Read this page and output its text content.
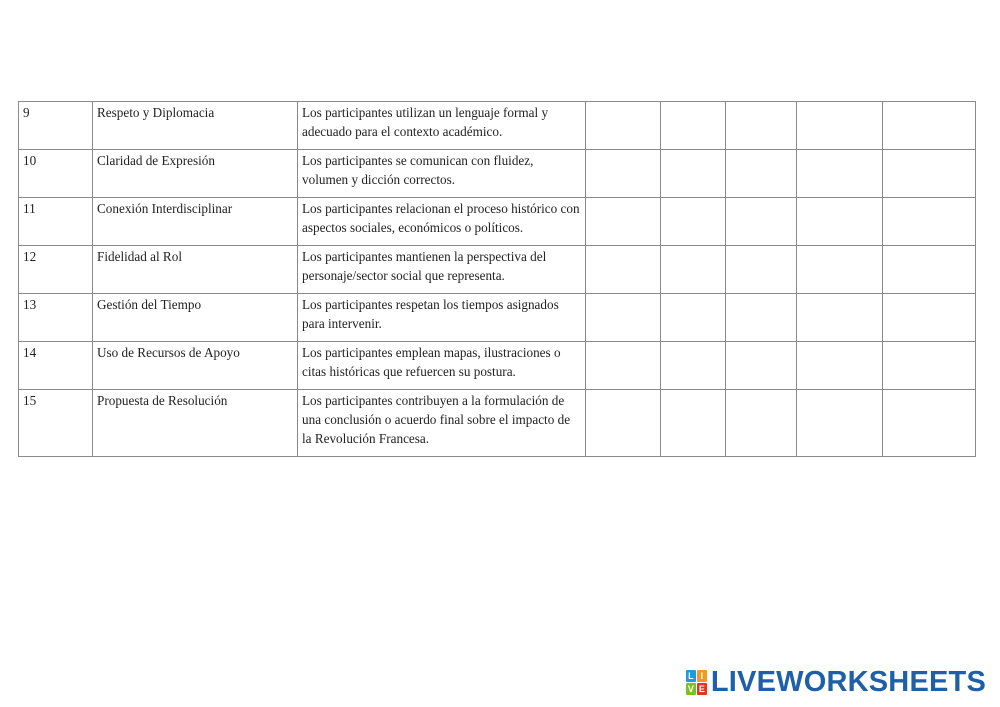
9	Respeto y Diplomacia	Los participantes utilizan un lenguaje formal y adecuado para el contexto académico.					
10	Claridad de Expresión	Los participantes se comunican con fluidez, volumen y dicción correctos.					
11	Conexión Interdisciplinar	Los participantes relacionan el proceso histórico con aspectos sociales, económicos o políticos.					
12	Fidelidad al Rol	Los participantes mantienen la perspectiva del personaje/sector social que representa.					
13	Gestión del Tiempo	Los participantes respetan los tiempos asignados para intervenir.					
14	Uso de Recursos de Apoyo	Los participantes emplean mapas, ilustraciones o citas históricas que refuercen su postura.					
15	Propuesta de Resolución	Los participantes contribuyen a la formulación de una conclusión o acuerdo final sobre el impacto de la Revolución Francesa.					
L I
V E LIVEWORKSHEETS
